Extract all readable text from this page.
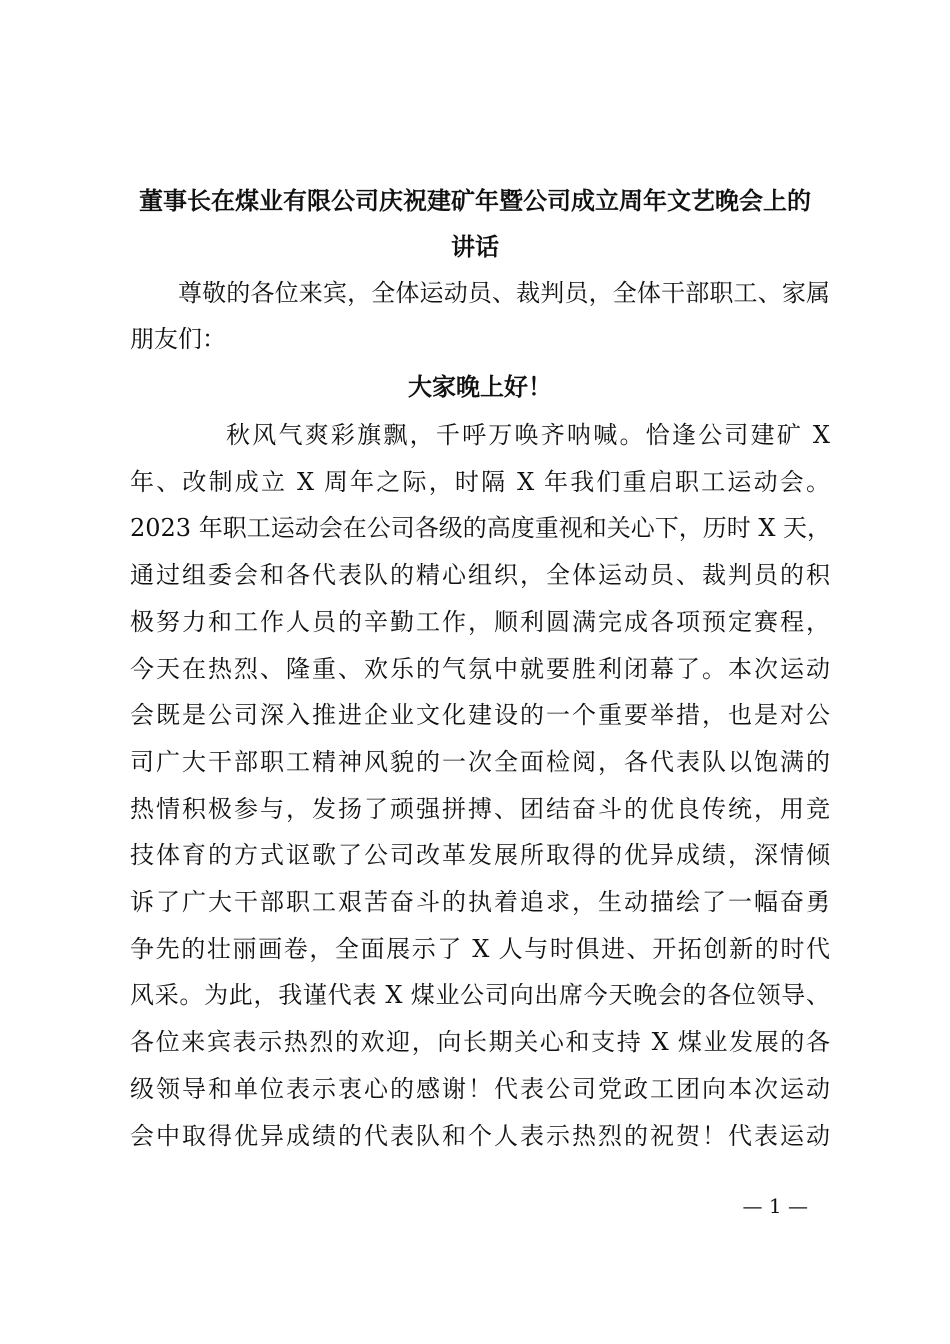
董事长在煤业有限公司庆祝建矿年暨公司成立周年文艺晚会上的
讲话

尊敬的各位来宾，全体运动员、裁判员，全体干部职工、家属朋友们：

大家晚上好！

秋风气爽彩旗飘，千呼万唤齐呐喊。恰逢公司建矿 X
年、改制成立 X 周年之际，时隔 X 年我们重启职工运动会。
2023 年职工运动会在公司各级的高度重视和关心下，历时 X 天，
通过组委会和各代表队的精心组织，全体运动员、裁判员的积
极努力和工作人员的辛勤工作，顺利圆满完成各项预定赛程，
今天在热烈、隆重、欢乐的气氛中就要胜利闭幕了。本次运动
会既是公司深入推进企业文化建设的一个重要举措，也是对公
司广大干部职工精神风貌的一次全面检阅，各代表队以饱满的
热情积极参与，发扬了顽强拼搏、团结奋斗的优良传统，用竞
技体育的方式讴歌了公司改革发展所取得的优异成绩，深情倾
诉了广大干部职工艰苦奋斗的执着追求，生动描绘了一幅奋勇
争先的壮丽画卷，全面展示了 X 人与时俱进、开拓创新的时代
风采。为此，我谨代表 X 煤业公司向出席今天晚会的各位领导、
各位来宾表示热烈的欢迎，向长期关心和支持 X 煤业发展的各
级领导和单位表示衷心的感谢！代表公司党政工团向本次运动
会中取得优异成绩的代表队和个人表示热烈的祝贺！代表运动

— 1 —
